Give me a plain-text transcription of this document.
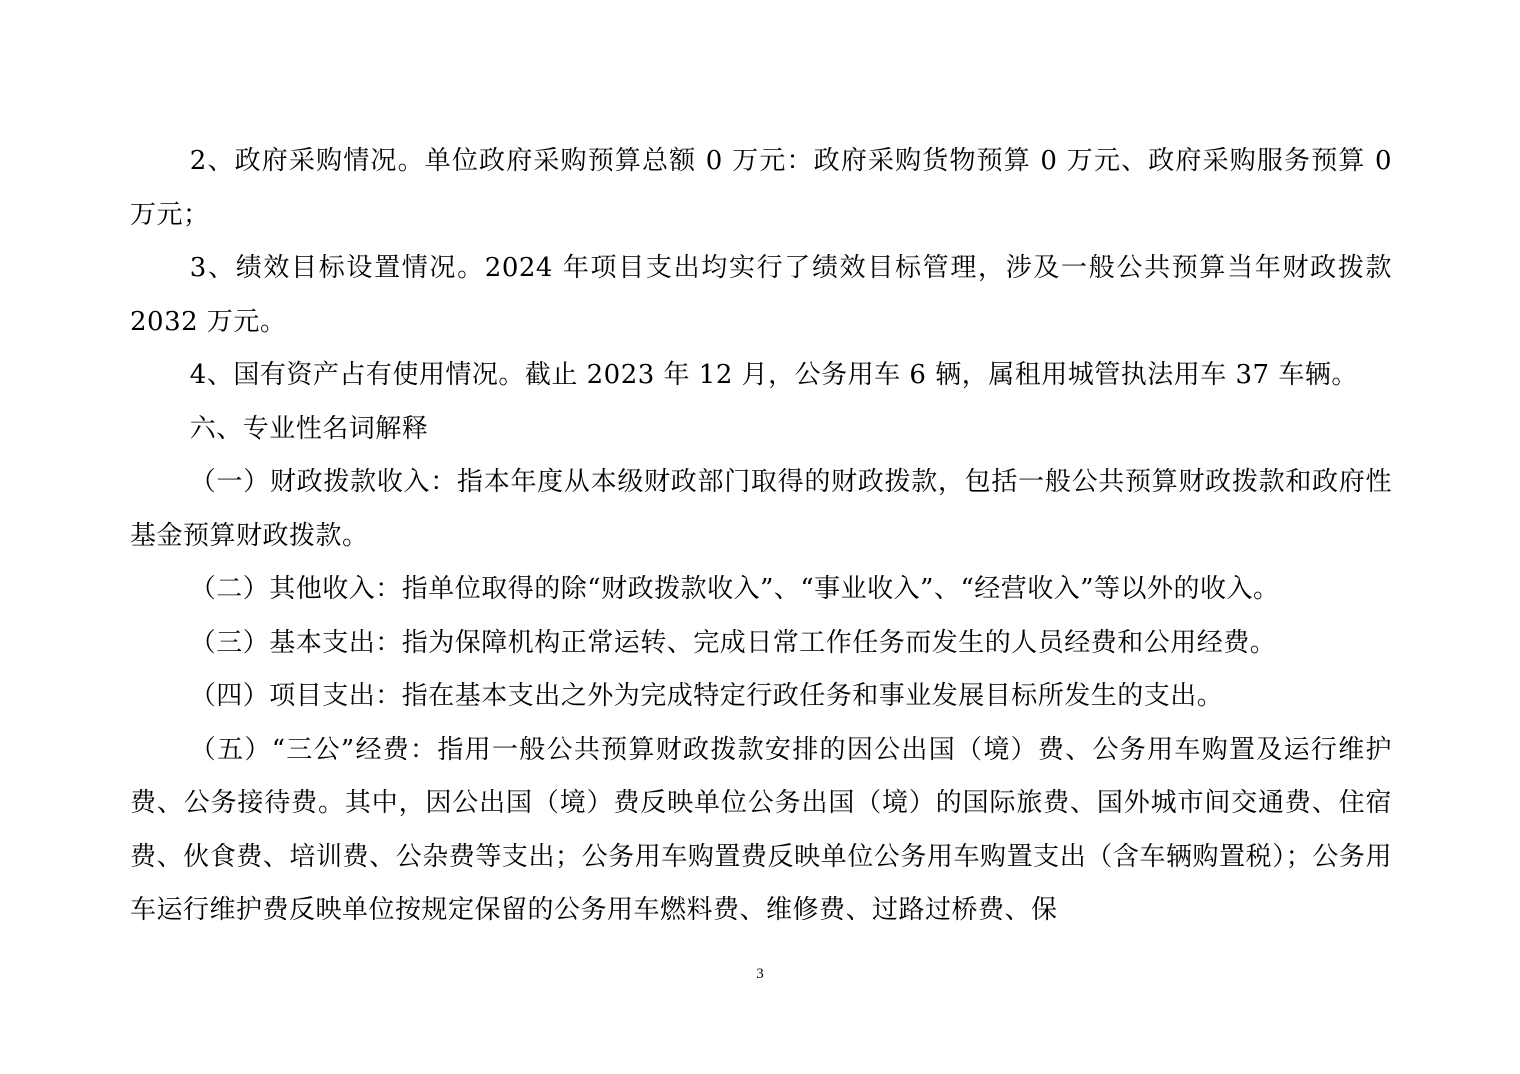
2、政府采购情况。单位政府采购预算总额 0 万元：政府采购货物预算 0 万元、政府采购服务预算 0 万元；

3、绩效目标设置情况。2024 年项目支出均实行了绩效目标管理，涉及一般公共预算当年财政拨款 2032 万元。

4、国有资产占有使用情况。截止 2023 年 12 月，公务用车 6 辆，属租用城管执法用车 37 车辆。

六、专业性名词解释

（一）财政拨款收入：指本年度从本级财政部门取得的财政拨款，包括一般公共预算财政拨款和政府性基金预算财政拨款。

（二）其他收入：指单位取得的除“财政拨款收入”、“事业收入”、“经营收入”等以外的收入。

（三）基本支出：指为保障机构正常运转、完成日常工作任务而发生的人员经费和公用经费。

（四）项目支出：指在基本支出之外为完成特定行政任务和事业发展目标所发生的支出。

（五）“三公”经费：指用一般公共预算财政拨款安排的因公出国（境）费、公务用车购置及运行维护费、公务接待费。其中，因公出国（境）费反映单位公务出国（境）的国际旅费、国外城市间交通费、住宿费、伙食费、培训费、公杂费等支出；公务用车购置费反映单位公务用车购置支出（含车辆购置税）；公务用车运行维护费反映单位按规定保留的公务用车燃料费、维修费、过路过桥费、保

3
